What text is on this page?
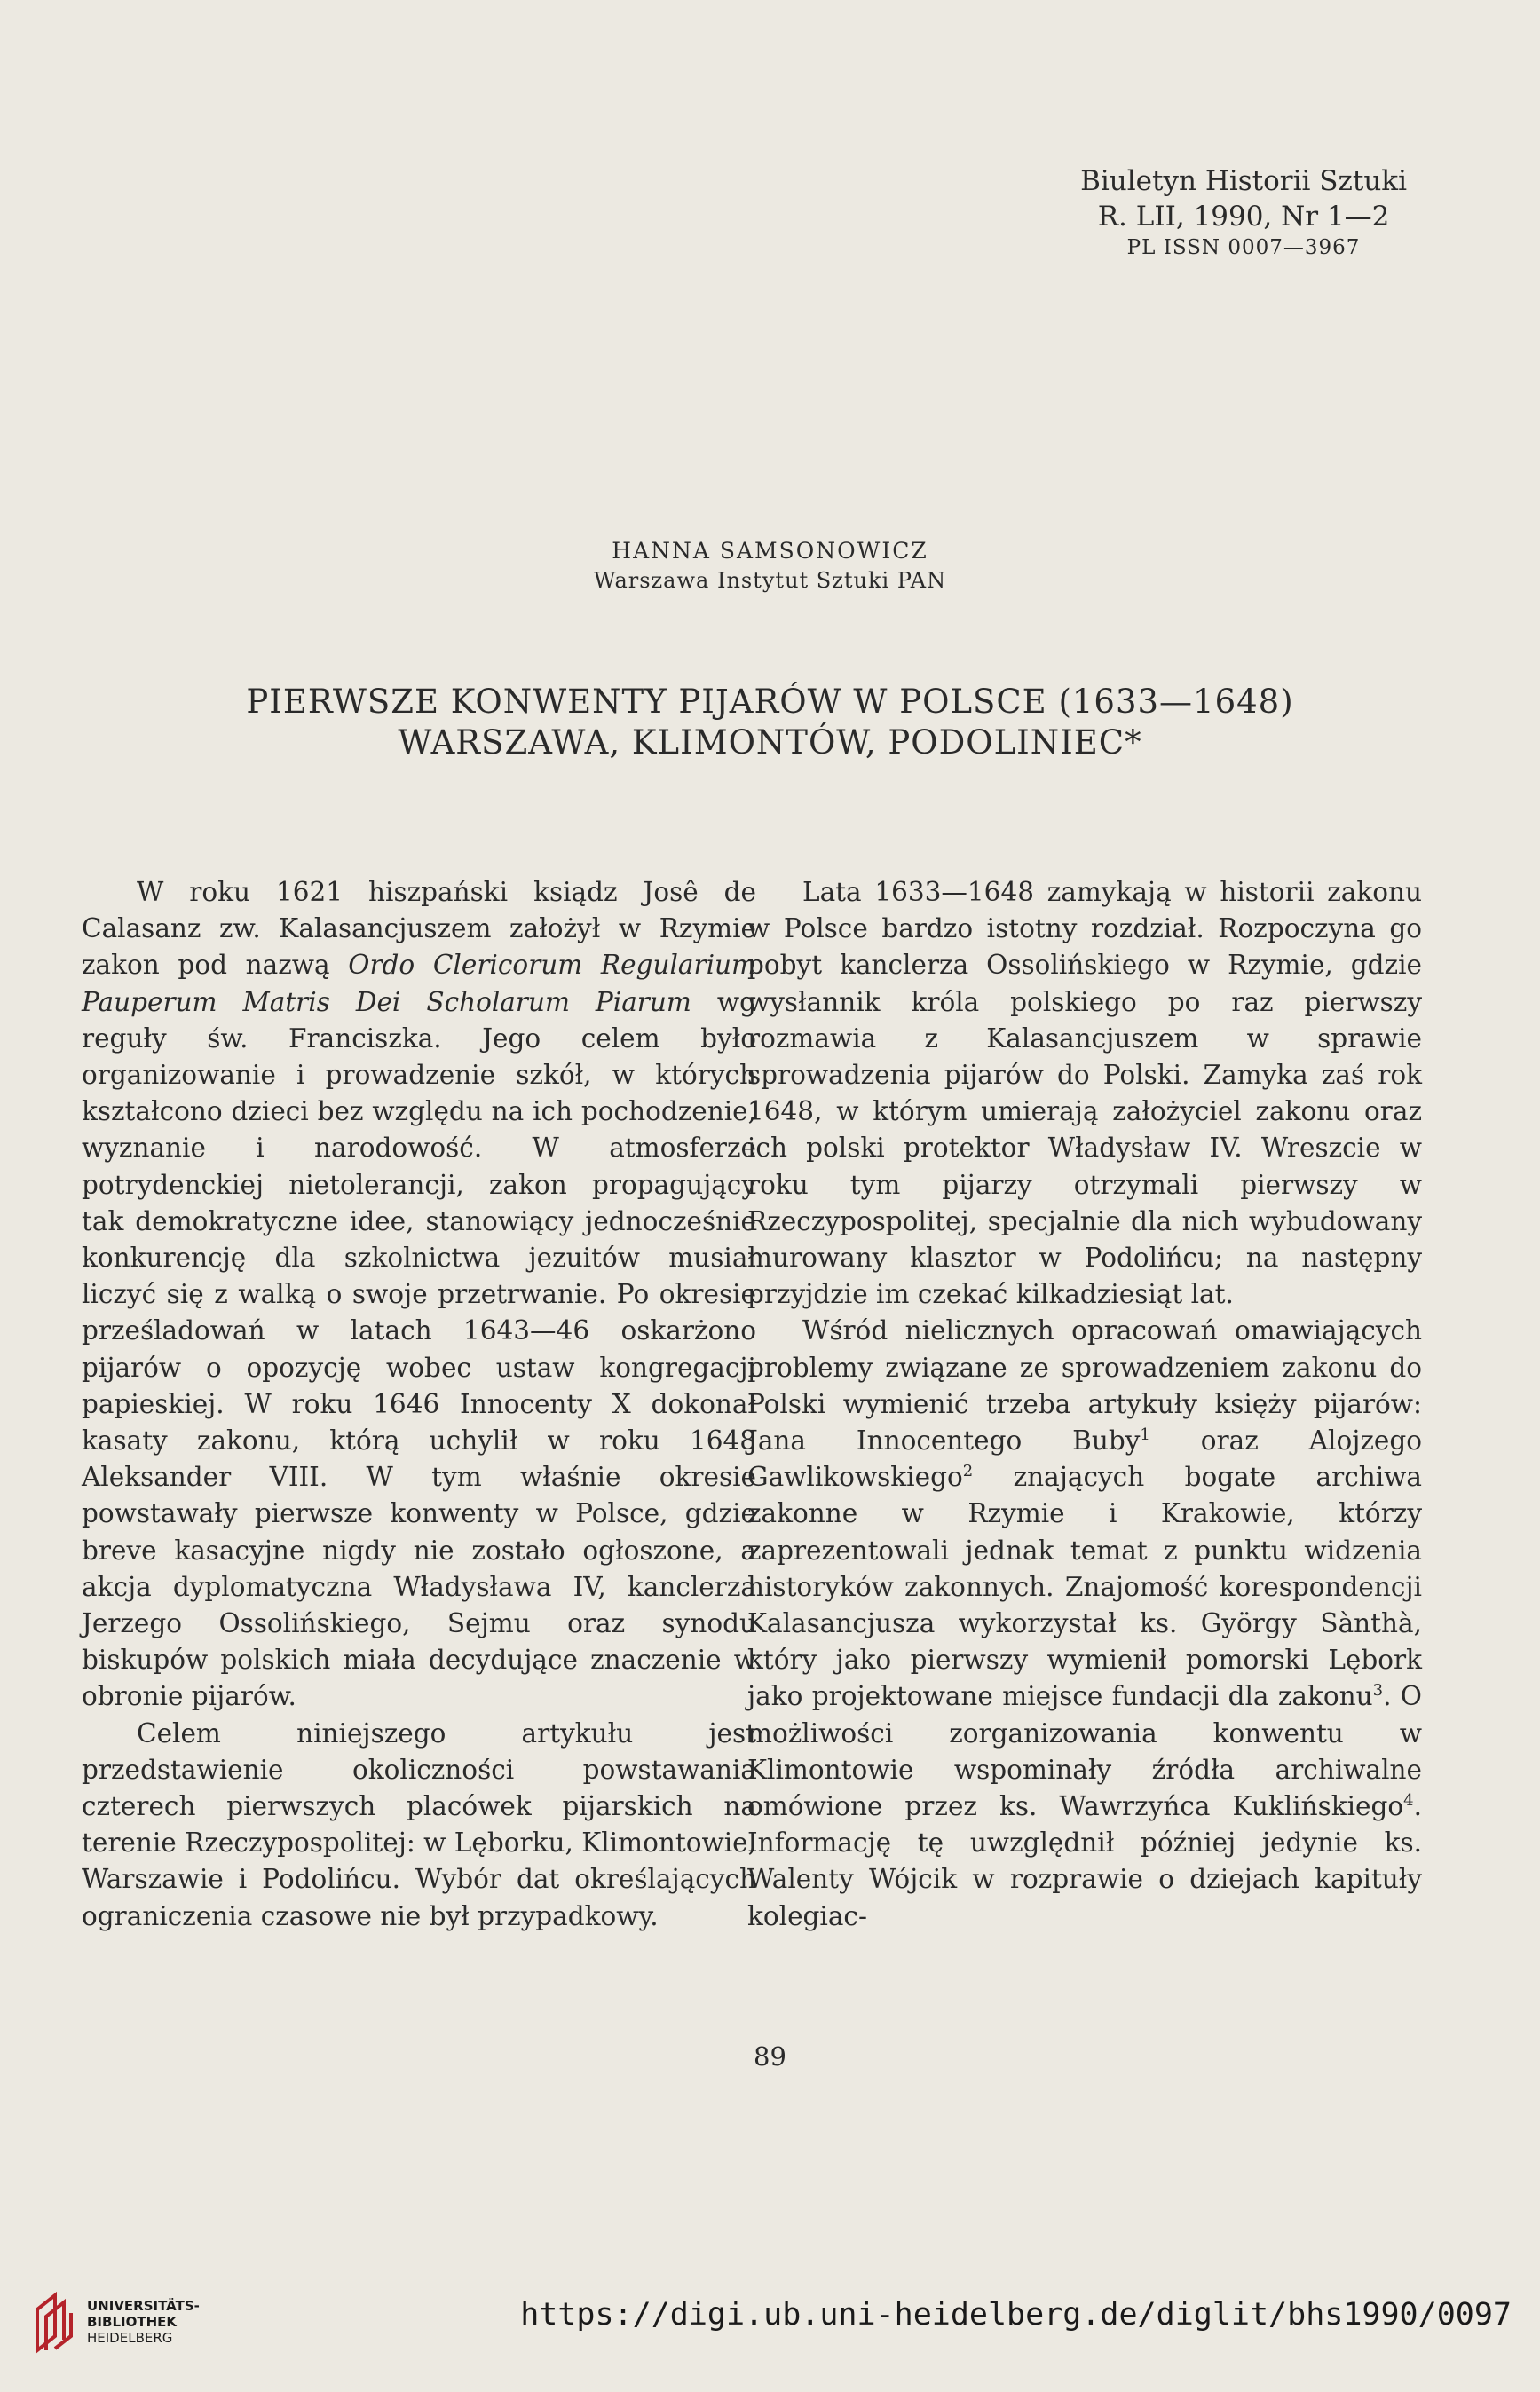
Biuletyn Historii Sztuki
R. LII, 1990, Nr 1—2
PL ISSN 0007—3967
HANNA SAMSONOWICZ
Warszawa Instytut Sztuki PAN
PIERWSZE KONWENTY PIJARÓW W POLSCE (1633—1648)
WARSZAWA, KLIMONTÓW, PODOLINIEC*

W roku 1621 hiszpański ksiądz Josê de Calasanz zw. Kalasancjuszem założył w Rzymie zakon pod nazwą Ordo Clericorum Regularium Pauperum Matris Dei Scholarum Piarum wg reguły św. Franciszka. Jego celem było organizowanie i prowadzenie szkół, w których kształcono dzieci bez względu na ich pochodzenie, wyznanie i narodowość. W atmosferze potrydenckiej nietolerancji, zakon propagujący tak demokratyczne idee, stanowiący jednocześnie konkurencję dla szkolnictwa jezuitów musiał liczyć się z walką o swoje przetrwanie. Po okresie prześladowań w latach 1643—46 oskarżono pijarów o opozycję wobec ustaw kongregacji papieskiej. W roku 1646 Innocenty X dokonał kasaty zakonu, którą uchylił w roku 1648 Aleksander VIII. W tym właśnie okresie powstawały pierwsze konwenty w Polsce, gdzie breve kasacyjne nigdy nie zostało ogłoszone, a akcja dyplomatyczna Władysława IV, kanclerza Jerzego Ossolińskiego, Sejmu oraz synodu biskupów polskich miała decydujące znaczenie w obronie pijarów.

Celem niniejszego artykułu jest przedstawienie okoliczności powstawania czterech pierwszych placówek pijarskich na terenie Rzeczypospolitej: w Lęborku, Klimontowie, Warszawie i Podolińcu. Wybór dat określających ograniczenia czasowe nie był przypadkowy.

Lata 1633—1648 zamykają w historii zakonu w Polsce bardzo istotny rozdział. Rozpoczyna go pobyt kanclerza Ossolińskiego w Rzymie, gdzie wysłannik króla polskiego po raz pierwszy rozmawia z Kalasancjuszem w sprawie sprowadzenia pijarów do Polski. Zamyka zaś rok 1648, w którym umierają założyciel zakonu oraz ich polski protektor Władysław IV. Wreszcie w roku tym pijarzy otrzymali pierwszy w Rzeczypospolitej, specjalnie dla nich wybudowany murowany klasztor w Podolińcu; na następny przyjdzie im czekać kilkadziesiąt lat.

Wśród nielicznych opracowań omawiających problemy związane ze sprowadzeniem zakonu do Polski wymienić trzeba artykuły księży pijarów: Jana Innocentego Buby$^1$ oraz Alojzego Gawlikowskiego$^2$ znających bogate archiwa zakonne w Rzymie i Krakowie, którzy zaprezentowali jednak temat z punktu widzenia historyków zakonnych. Znajomość korespondencji Kalasancjusza wykorzystał ks. Györgу Sànthà, który jako pierwszy wymienił pomorski Lębork jako projektowane miejsce fundacji dla zakonu$^3$. O możliwości zorganizowania konwentu w Klimontowie wspominały źródła archiwalne omówione przez ks. Wawrzyńca Kuklińskiego$^4$. Informację tę uwzględnił później jedynie ks. Walenty Wójcik w rozprawie o dziejach kapituły kolegiac-

89
UNIVERSITÄTS-
BIBLIOTHEK
HEIDELBERG
https://digi.ub.uni-heidelberg.de/diglit/bhs1990/0097
